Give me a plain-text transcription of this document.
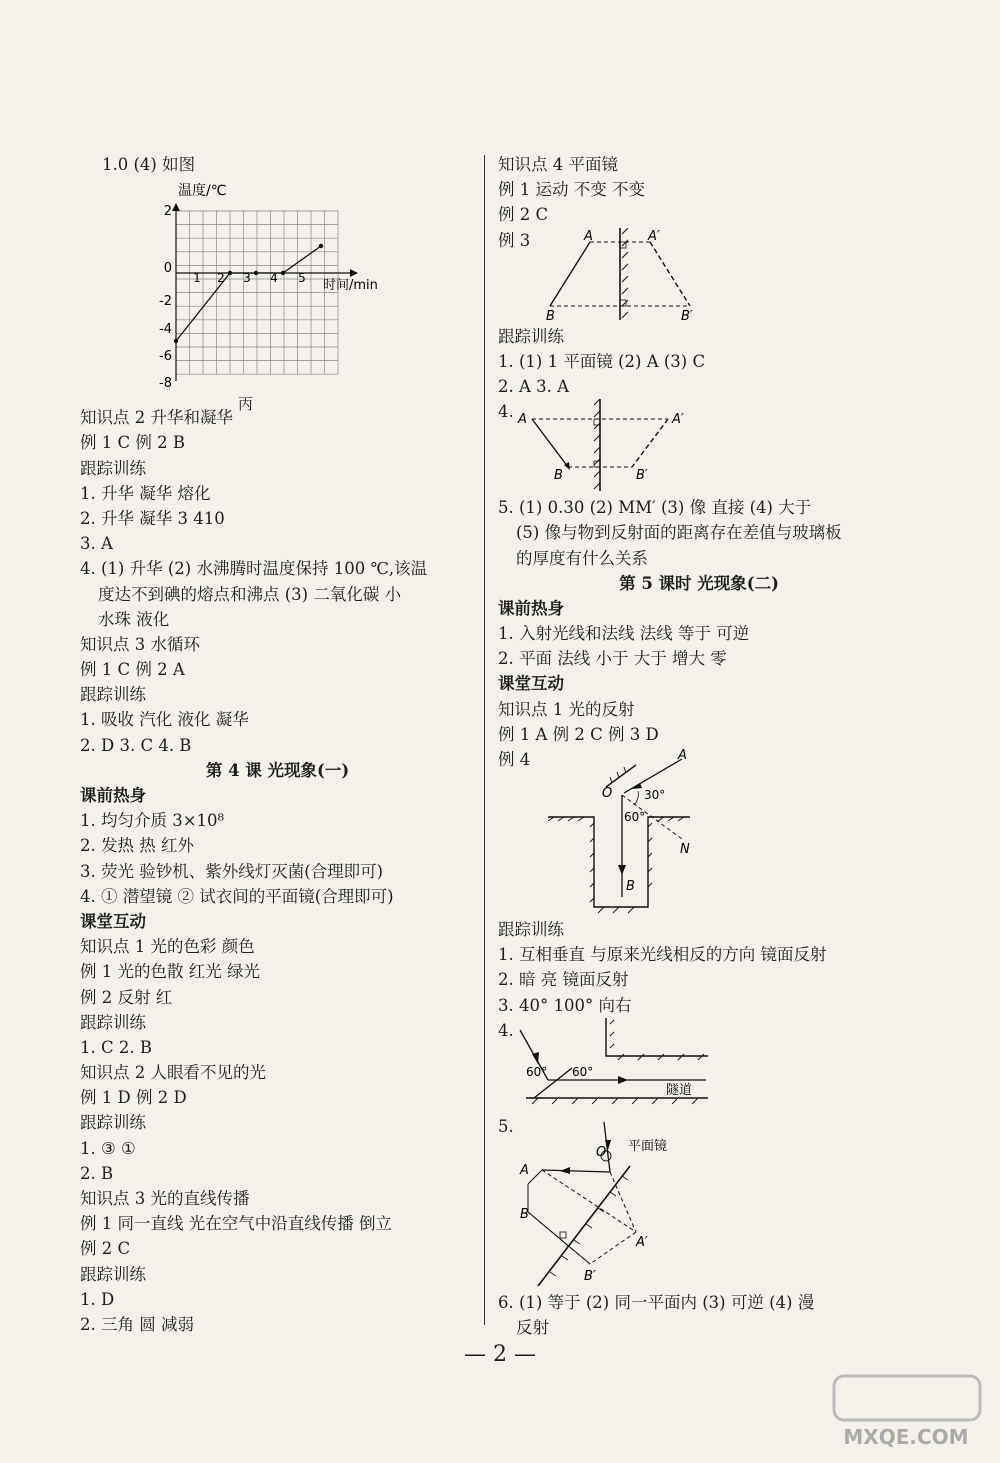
1.0 (4) 如图
温度/℃
时间/min
2
0
-2
-4
-6
-8
1 2 3 4 5
丙
知识点 2 升华和凝华
例 1 C 例 2 B
跟踪训练
1. 升华 凝华 熔化
2. 升华 凝华 3 410
3. A
4. (1) 升华 (2) 水沸腾时温度保持 100 ℃,该温
度达不到碘的熔点和沸点 (3) 二氧化碳 小
水珠 液化
知识点 3 水循环
例 1 C 例 2 A
跟踪训练
1. 吸收 汽化 液化 凝华
2. D 3. C 4. B
第 4 课 光现象(一)
课前热身
1. 均匀介质 3×10⁸
2. 发热 热 红外
3. 荧光 验钞机、紫外线灯灭菌(合理即可)
4. ① 潜望镜 ② 试衣间的平面镜(合理即可)
课堂互动
知识点 1 光的色彩 颜色
例 1 光的色散 红光 绿光
例 2 反射 红
跟踪训练
1. C 2. B
知识点 2 人眼看不见的光
例 1 D 例 2 D
跟踪训练
1. ③ ①
2. B
知识点 3 光的直线传播
例 1 同一直线 光在空气中沿直线传播 倒立
例 2 C
跟踪训练
1. D
2. 三角 圆 减弱
知识点 4 平面镜
例 1 运动 不变 不变
例 2 C
例 3	A	A′
B	B′
跟踪训练
1. (1) 1 平面镜 (2) A (3) C
2. A 3. A
4. A	A′
B	B′
5. (1) 0.30 (2) MM′ (3) 像 直接 (4) 大于
(5) 像与物到反射面的距离存在差值与玻璃板
的厚度有什么关系
第 5 课时 光现象(二)
课前热身
1. 入射光线和法线 法线 等于 可逆
2. 平面 法线 小于 大于 增大 零
课堂互动
知识点 1 光的反射
例 1 A 例 2 C 例 3 D
例 4	A
O	30°
60°
N
B
跟踪训练
1. 互相垂直 与原来光线相反的方向 镜面反射
2. 暗 亮 镜面反射
3. 40° 100° 向右
4.
60° 60°
隧道
5.
O 平面镜
A
B
A′
B′
6. (1) 等于 (2) 同一平面内 (3) 可逆 (4) 漫
反射
— 2 —
MXQE.COM
